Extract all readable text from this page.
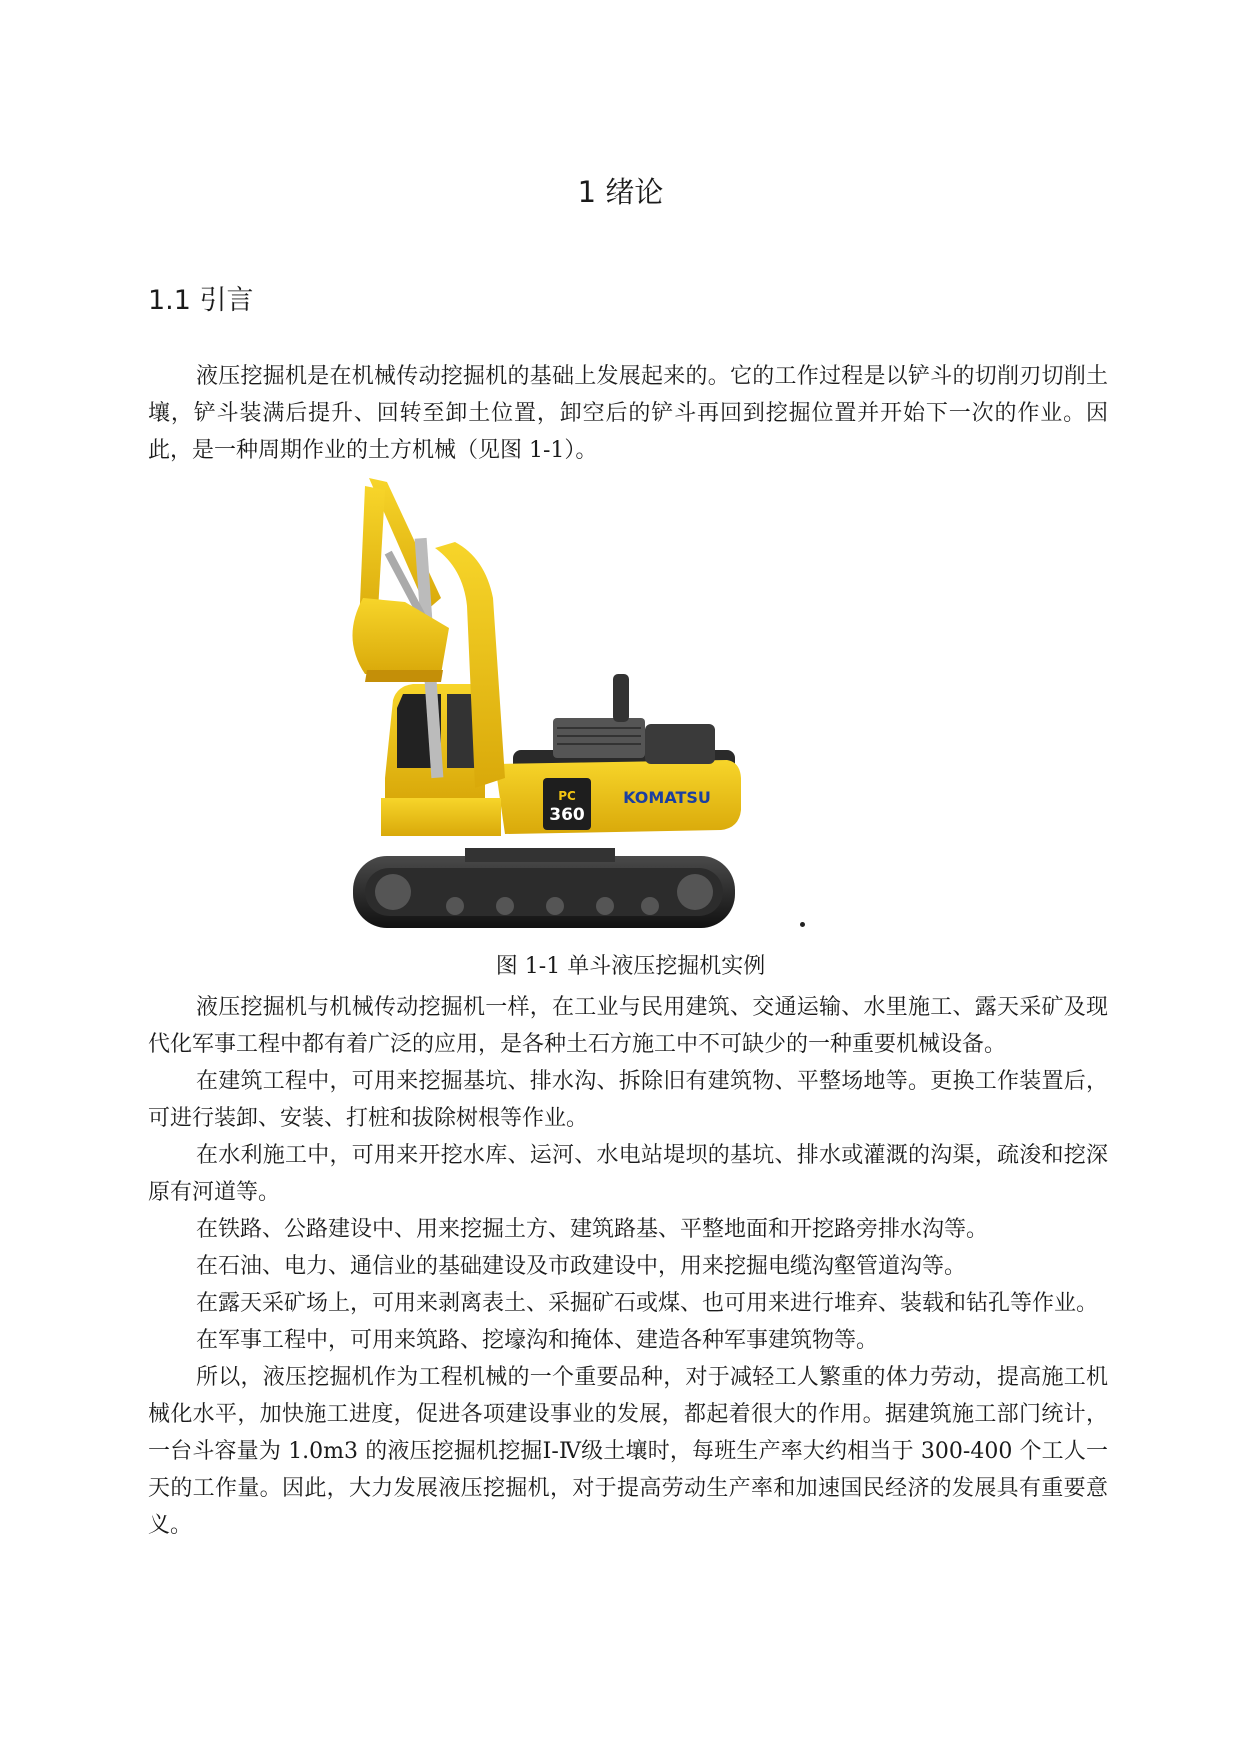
1 绪论
1.1 引言

液压挖掘机是在机械传动挖掘机的基础上发展起来的。它的工作过程是以铲斗的切削刃切削土壤，铲斗装满后提升、回转至卸土位置，卸空后的铲斗再回到挖掘位置并开始下一次的作业。因此，是一种周期作业的土方机械（见图 1-1）。

PC
360
KOMATSU
图 1-1 单斗液压挖掘机实例

液压挖掘机与机械传动挖掘机一样，在工业与民用建筑、交通运输、水里施工、露天采矿及现代化军事工程中都有着广泛的应用，是各种土石方施工中不可缺少的一种重要机械设备。

在建筑工程中，可用来挖掘基坑、排水沟、拆除旧有建筑物、平整场地等。更换工作装置后，可进行装卸、安装、打桩和拔除树根等作业。

在水利施工中，可用来开挖水库、运河、水电站堤坝的基坑、排水或灌溉的沟渠，疏浚和挖深原有河道等。

在铁路、公路建设中、用来挖掘土方、建筑路基、平整地面和开挖路旁排水沟等。

在石油、电力、通信业的基础建设及市政建设中，用来挖掘电缆沟壑管道沟等。

在露天采矿场上，可用来剥离表土、采掘矿石或煤、也可用来进行堆弃、装载和钻孔等作业。

在军事工程中，可用来筑路、挖壕沟和掩体、建造各种军事建筑物等。

所以，液压挖掘机作为工程机械的一个重要品种，对于减轻工人繁重的体力劳动，提高施工机械化水平，加快施工进度，促进各项建设事业的发展，都起着很大的作用。据建筑施工部门统计，一台斗容量为 1.0m3 的液压挖掘机挖掘Ⅰ-Ⅳ级土壤时，每班生产率大约相当于 300-400 个工人一天的工作量。因此，大力发展液压挖掘机，对于提高劳动生产率和加速国民经济的发展具有重要意义。
